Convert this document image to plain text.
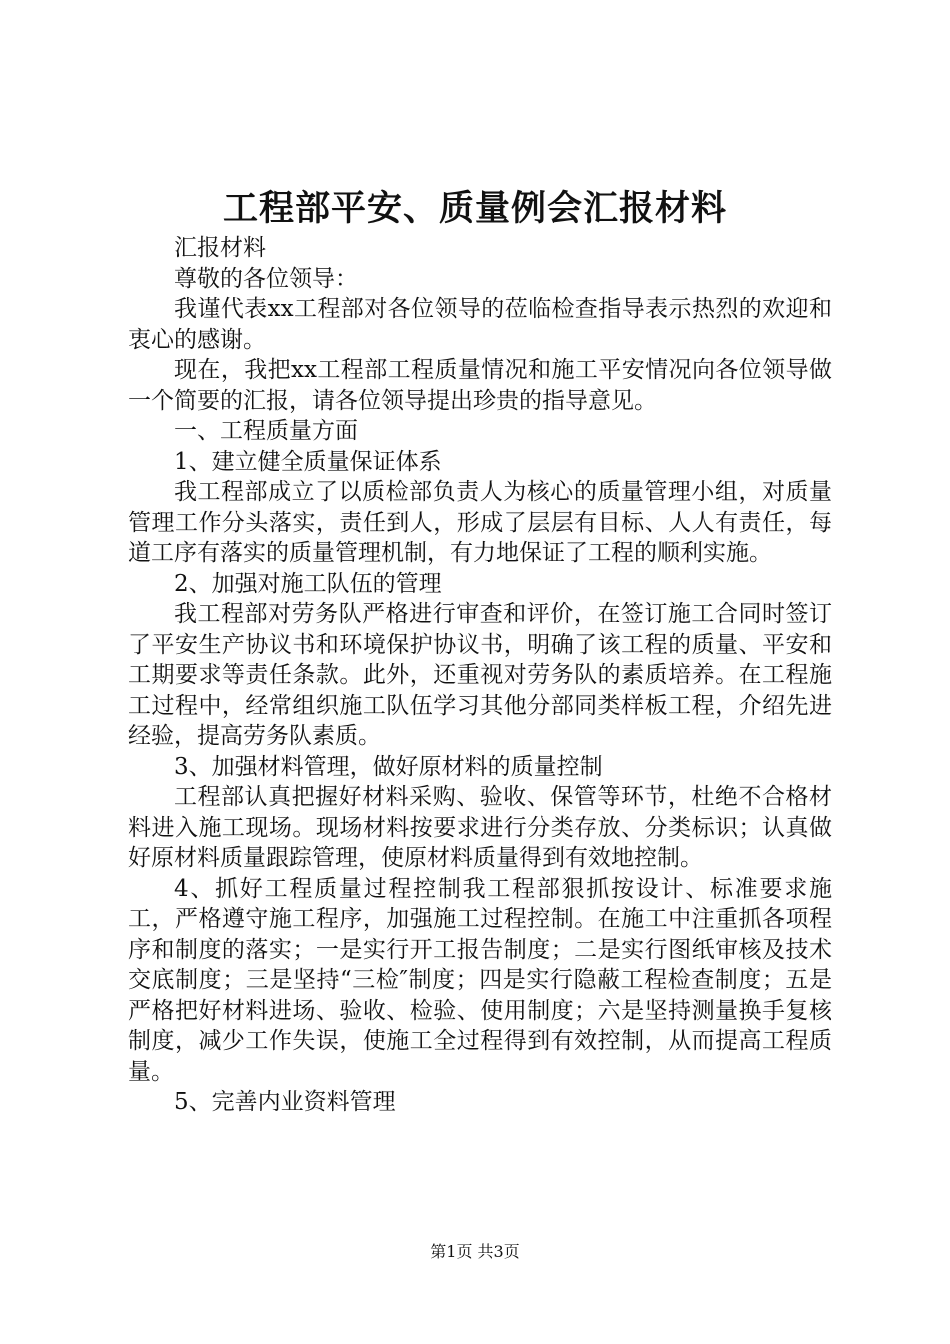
工程部平安、质量例会汇报材料

汇报材料

尊敬的各位领导：

我谨代表xx工程部对各位领导的莅临检查指导表示热烈的欢迎和衷心的感谢。

现在，我把xx工程部工程质量情况和施工平安情况向各位领导做一个简要的汇报，请各位领导提出珍贵的指导意见。

一、工程质量方面

1、建立健全质量保证体系

我工程部成立了以质检部负责人为核心的质量管理小组，对质量管理工作分头落实，责任到人，形成了层层有目标、人人有责任，每道工序有落实的质量管理机制，有力地保证了工程的顺利实施。

2、加强对施工队伍的管理

我工程部对劳务队严格进行审查和评价，在签订施工合同时签订了平安生产协议书和环境保护协议书，明确了该工程的质量、平安和工期要求等责任条款。此外，还重视对劳务队的素质培养。在工程施工过程中，经常组织施工队伍学习其他分部同类样板工程，介绍先进经验，提高劳务队素质。

3、加强材料管理，做好原材料的质量控制

工程部认真把握好材料采购、验收、保管等环节，杜绝不合格材料进入施工现场。现场材料按要求进行分类存放、分类标识；认真做好原材料质量跟踪管理，使原材料质量得到有效地控制。

4、抓好工程质量过程控制我工程部狠抓按设计、标准要求施工，严格遵守施工程序，加强施工过程控制。在施工中注重抓各项程序和制度的落实；一是实行开工报告制度；二是实行图纸审核及技术交底制度；三是坚持“三检″制度；四是实行隐蔽工程检查制度；五是严格把好材料进场、验收、检验、使用制度；六是坚持测量换手复核制度，减少工作失误，使施工全过程得到有效控制，从而提高工程质量。

5、完善内业资料管理

第1页 共3页
